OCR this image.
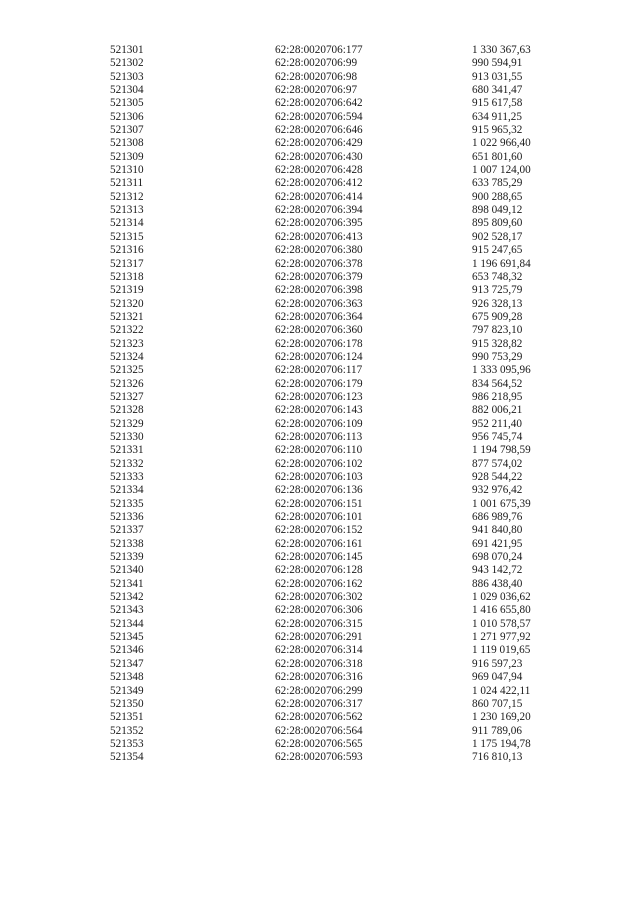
521301	62:28:0020706:177	1 330 367,63
521302	62:28:0020706:99	990 594,91
521303	62:28:0020706:98	913 031,55
521304	62:28:0020706:97	680 341,47
521305	62:28:0020706:642	915 617,58
521306	62:28:0020706:594	634 911,25
521307	62:28:0020706:646	915 965,32
521308	62:28:0020706:429	1 022 966,40
521309	62:28:0020706:430	651 801,60
521310	62:28:0020706:428	1 007 124,00
521311	62:28:0020706:412	633 785,29
521312	62:28:0020706:414	900 288,65
521313	62:28:0020706:394	898 049,12
521314	62:28:0020706:395	895 809,60
521315	62:28:0020706:413	902 528,17
521316	62:28:0020706:380	915 247,65
521317	62:28:0020706:378	1 196 691,84
521318	62:28:0020706:379	653 748,32
521319	62:28:0020706:398	913 725,79
521320	62:28:0020706:363	926 328,13
521321	62:28:0020706:364	675 909,28
521322	62:28:0020706:360	797 823,10
521323	62:28:0020706:178	915 328,82
521324	62:28:0020706:124	990 753,29
521325	62:28:0020706:117	1 333 095,96
521326	62:28:0020706:179	834 564,52
521327	62:28:0020706:123	986 218,95
521328	62:28:0020706:143	882 006,21
521329	62:28:0020706:109	952 211,40
521330	62:28:0020706:113	956 745,74
521331	62:28:0020706:110	1 194 798,59
521332	62:28:0020706:102	877 574,02
521333	62:28:0020706:103	928 544,22
521334	62:28:0020706:136	932 976,42
521335	62:28:0020706:151	1 001 675,39
521336	62:28:0020706:101	686 989,76
521337	62:28:0020706:152	941 840,80
521338	62:28:0020706:161	691 421,95
521339	62:28:0020706:145	698 070,24
521340	62:28:0020706:128	943 142,72
521341	62:28:0020706:162	886 438,40
521342	62:28:0020706:302	1 029 036,62
521343	62:28:0020706:306	1 416 655,80
521344	62:28:0020706:315	1 010 578,57
521345	62:28:0020706:291	1 271 977,92
521346	62:28:0020706:314	1 119 019,65
521347	62:28:0020706:318	916 597,23
521348	62:28:0020706:316	969 047,94
521349	62:28:0020706:299	1 024 422,11
521350	62:28:0020706:317	860 707,15
521351	62:28:0020706:562	1 230 169,20
521352	62:28:0020706:564	911 789,06
521353	62:28:0020706:565	1 175 194,78
521354	62:28:0020706:593	716 810,13
